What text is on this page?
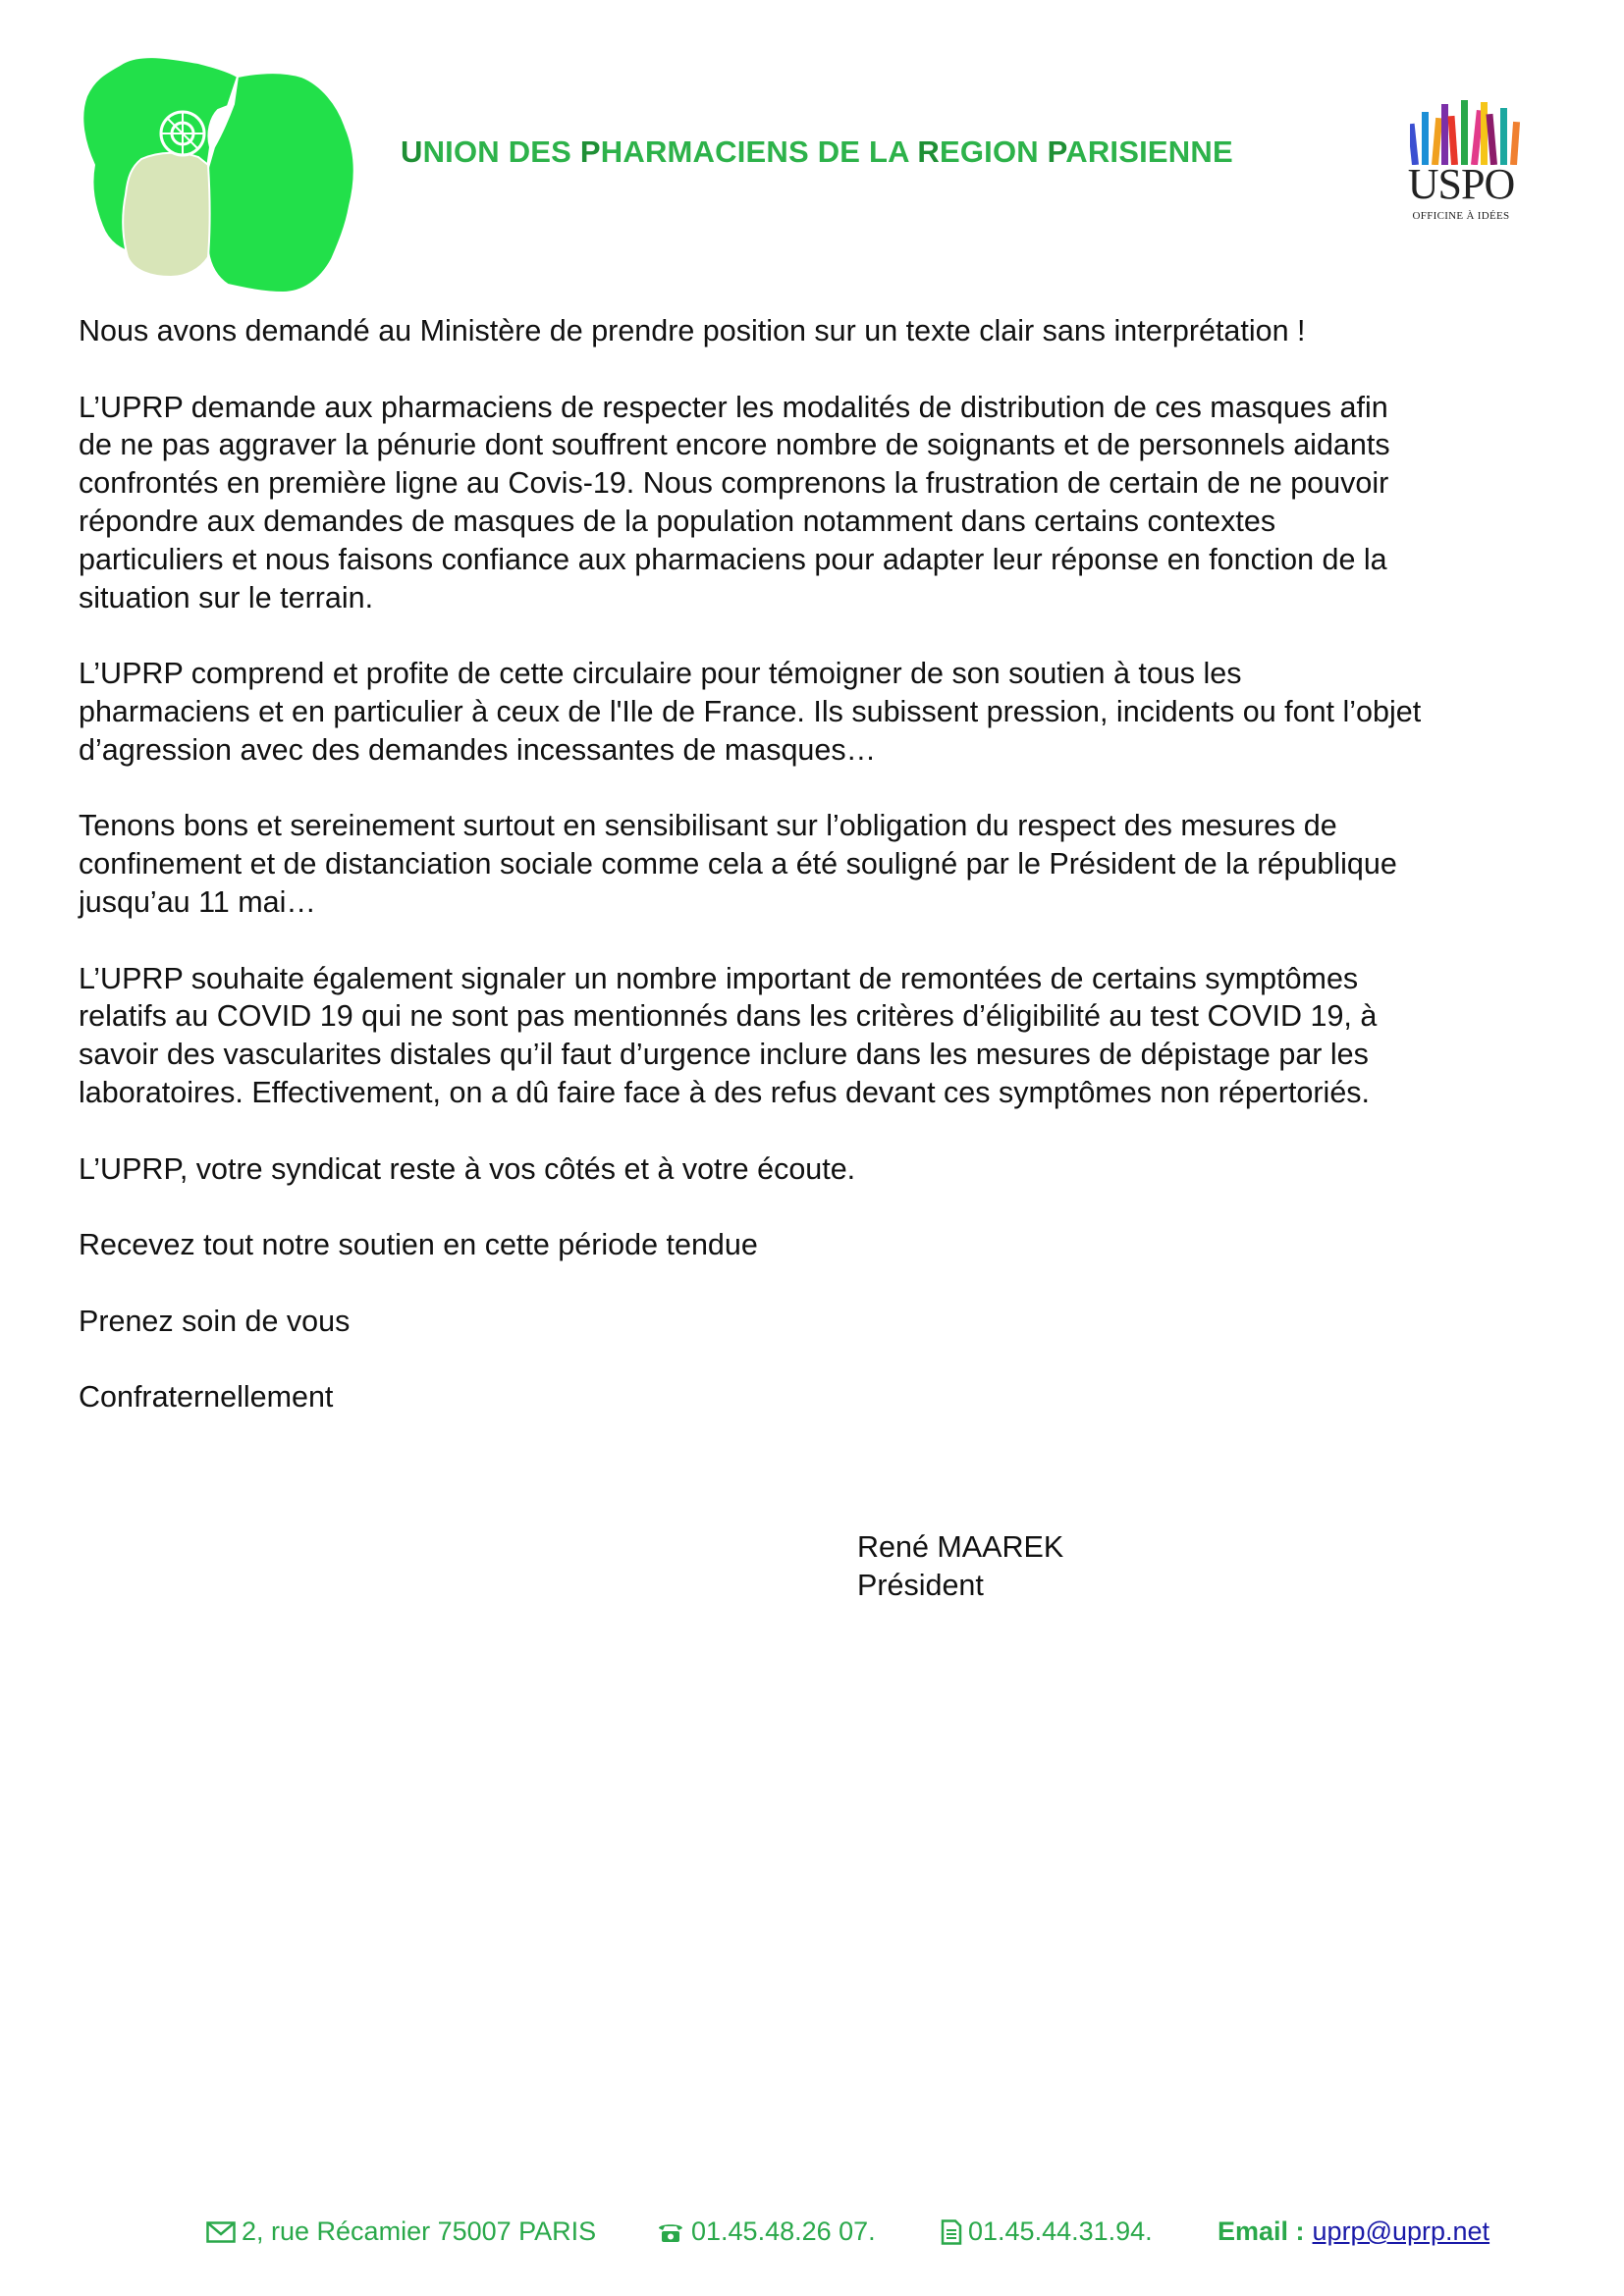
UNION DES PHARMACIENS DE LA REGION PARISIENNE
USPO
OFFICINE À IDÉES

Nous avons demandé au Ministère de prendre position sur un texte clair sans interprétation !

L’UPRP demande aux pharmaciens de respecter les modalités de distribution de ces masques afin
de ne pas aggraver la pénurie dont souffrent encore nombre de soignants et de personnels aidants
confrontés en première ligne au Covis-19. Nous comprenons la frustration de certain de ne pouvoir
répondre aux demandes de masques de la population notamment dans certains contextes
particuliers et nous faisons confiance aux pharmaciens pour adapter leur réponse en fonction de la
situation sur le terrain.

L’UPRP comprend et profite de cette circulaire pour témoigner de son soutien à tous les
pharmaciens et en particulier à ceux de l'Ile de France. Ils subissent pression, incidents ou font l’objet
d’agression avec des demandes incessantes de masques…

Tenons bons et sereinement surtout en sensibilisant sur l’obligation du respect des mesures de
confinement et de distanciation sociale comme cela a été souligné par le Président de la république
jusqu’au 11 mai…

L’UPRP souhaite également signaler un nombre important de remontées de certains symptômes
relatifs au COVID 19 qui ne sont pas mentionnés dans les critères d’éligibilité au test COVID 19, à
savoir des vascularites distales qu’il faut d’urgence inclure dans les mesures de dépistage par les
laboratoires. Effectivement, on a dû faire face à des refus devant ces symptômes non répertoriés.

L’UPRP, votre syndicat reste à vos côtés et à votre écoute.

Recevez tout notre soutien en cette période tendue

Prenez soin de vous

Confraternellement

René MAAREK
Président
2, rue Récamier 75007 PARIS	01.45.48.26 07.	01.45.44.31.94. Email : uprp@uprp.net
